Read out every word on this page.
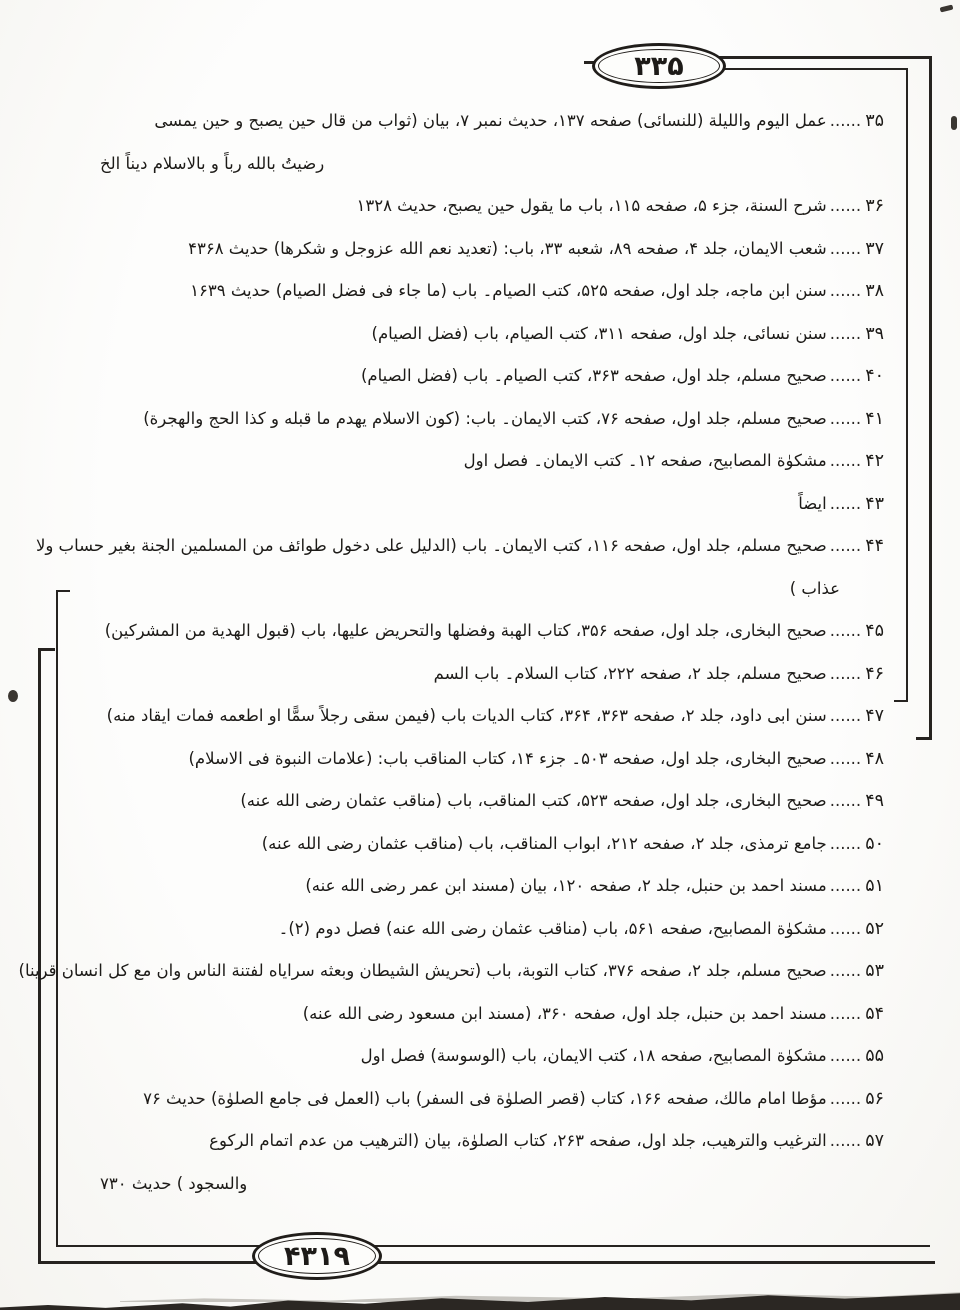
۳۳۵
۴۳۱۹
۳۵......عمل اليوم والليلة (للنسائى) صفحه ۱۳۷، حديث نمبر ۷، بيان (ثواب من قال حين يصبح و حين يمسى
رضيتُ بالله رباً و بالاسلام ديناً الخ
۳۶......شرح السنة، جزء ۵، صفحه ۱۱۵، باب ما يقول حين يصبح، حديث ۱۳۲۸
۳۷......شعب الايمان، جلد ۴، صفحه ۸۹، شعبه ۳۳، باب: (تعديد نعم الله عزوجل و شكرها) حديث ۴۳۶۸
۳۸......سنن ابن ماجه، جلد اول، صفحه ۵۲۵، كتب الصيام۔ باب (ما جاء فى فضل الصيام) حديث ۱۶۳۹
۳۹......سنن نسائى، جلد اول، صفحه ۳۱۱، كتب الصيام، باب (فضل الصيام)
۴۰......صحيح مسلم، جلد اول، صفحه ۳۶۳، كتب الصيام۔ باب (فضل الصيام)
۴۱......صحيح مسلم، جلد اول، صفحه ۷۶، كتب الايمان۔ باب: (كون الاسلام يهدم ما قبله و كذا الحج والهجرة)
۴۲......مشكوٰة المصابيح، صفحه ۱۲۔ كتب الايمان۔ فصل اول
۴۳......ايضاً
۴۴......صحيح مسلم، جلد اول، صفحه ۱۱۶، كتب الايمان۔ باب (الدليل على دخول طوائف من المسلمين الجنة بغير حساب ولا
عذاب )
۴۵......صحيح البخارى، جلد اول، صفحه ۳۵۶، كتاب الهبة وفضلها والتحريض عليها، باب (قبول الهدية من المشركين)
۴۶......صحيح مسلم، جلد ۲، صفحه ۲۲۲، كتاب السلام۔ باب السم
۴۷......سنن ابى داود، جلد ۲، صفحه ۳۶۳، ۳۶۴، كتاب الديات باب (فيمن سقى رجلاً سمًّا او اطعمه فمات ايقاد منه)
۴۸......صحيح البخارى، جلد اول، صفحه ۵۰۳۔ جزء ۱۴، كتاب المناقب باب: (علامات النبوة فى الاسلام)
۴۹......صحيح البخارى، جلد اول، صفحه ۵۲۳، كتب المناقب، باب (مناقب عثمان رضى الله عنه)
۵۰......جامع ترمذى، جلد ۲، صفحه ۲۱۲، ابواب المناقب، باب (مناقب عثمان رضى الله عنه)
۵۱......مسند احمد بن حنبل، جلد ۲، صفحه ۱۲۰، بيان (مسند ابن عمر رضى الله عنه)
۵۲......مشكوٰة المصابيح، صفحه ۵۶۱، باب (مناقب عثمان رضى الله عنه) فصل دوم (۲)۔
۵۳......صحيح مسلم، جلد ۲، صفحه ۳۷۶، كتاب التوبة، باب (تحريش الشيطان وبعثه سراياه لفتنة الناس وان مع كل انسان قرينا)
۵۴......مسند احمد بن حنبل، جلد اول، صفحه ۳۶۰، (مسند ابن مسعود رضى الله عنه)
۵۵......مشكوٰة المصابيح، صفحه ۱۸، كتب الايمان، باب (الوسوسة) فصل اول
۵۶......مؤطا امام مالك، صفحه ۱۶۶، كتاب (قصر الصلوٰة فى السفر) باب (العمل فى جامع الصلوٰة) حديث ۷۶
۵۷......الترغيب والترهيب، جلد اول، صفحه ۲۶۳، كتاب الصلوٰة، بيان (الترهيب من عدم اتمام الركوع
والسجود ) حديث ۷۳۰
